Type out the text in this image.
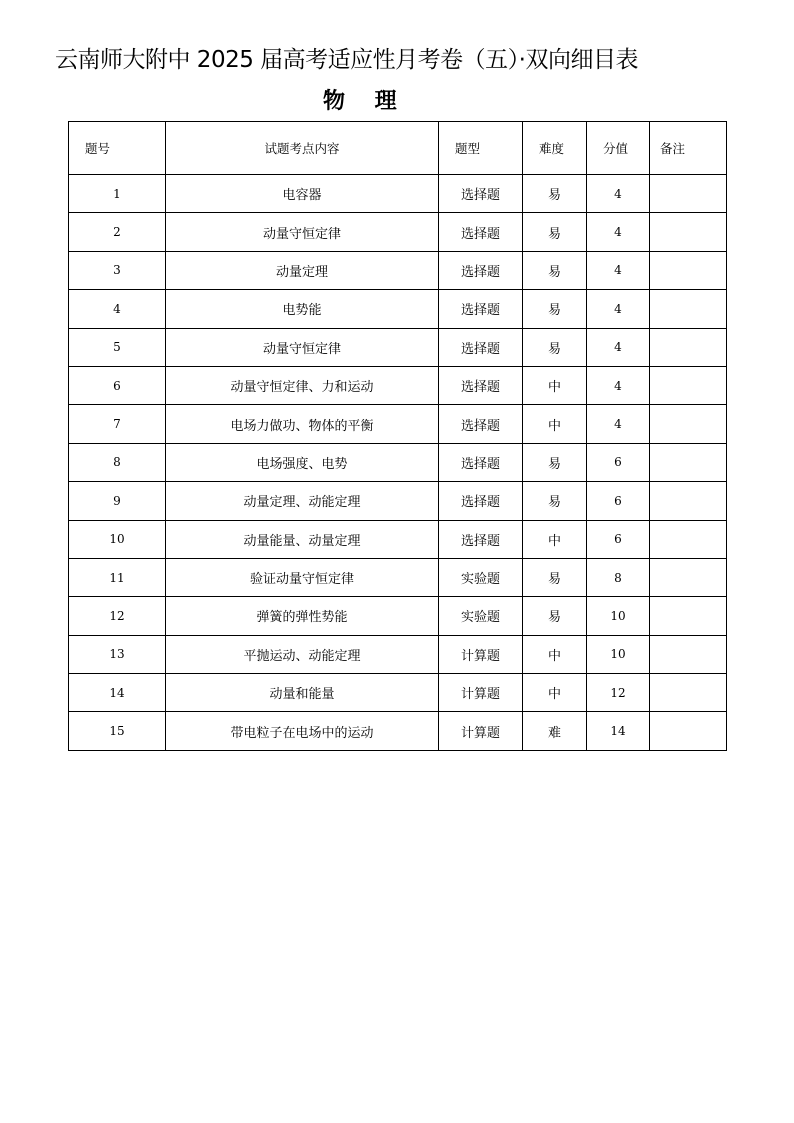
云南师大附中 2025 届高考适应性月考卷（五）·双向细目表
物　 理
题号	试题考点内容	题型	难度	分值	备注
1	电容器	选择题	易	4	
2	动量守恒定律	选择题	易	4	
3	动量定理	选择题	易	4	
4	电势能	选择题	易	4	
5	动量守恒定律	选择题	易	4	
6	动量守恒定律、力和运动	选择题	中	4	
7	电场力做功、物体的平衡	选择题	中	4	
8	电场强度、电势	选择题	易	6	
9	动量定理、动能定理	选择题	易	6	
10	动量能量、动量定理	选择题	中	6	
11	验证动量守恒定律	实验题	易	8	
12	弹簧的弹性势能	实验题	易	10	
13	平抛运动、动能定理	计算题	中	10	
14	动量和能量	计算题	中	12	
15	带电粒子在电场中的运动	计算题	难	14	
